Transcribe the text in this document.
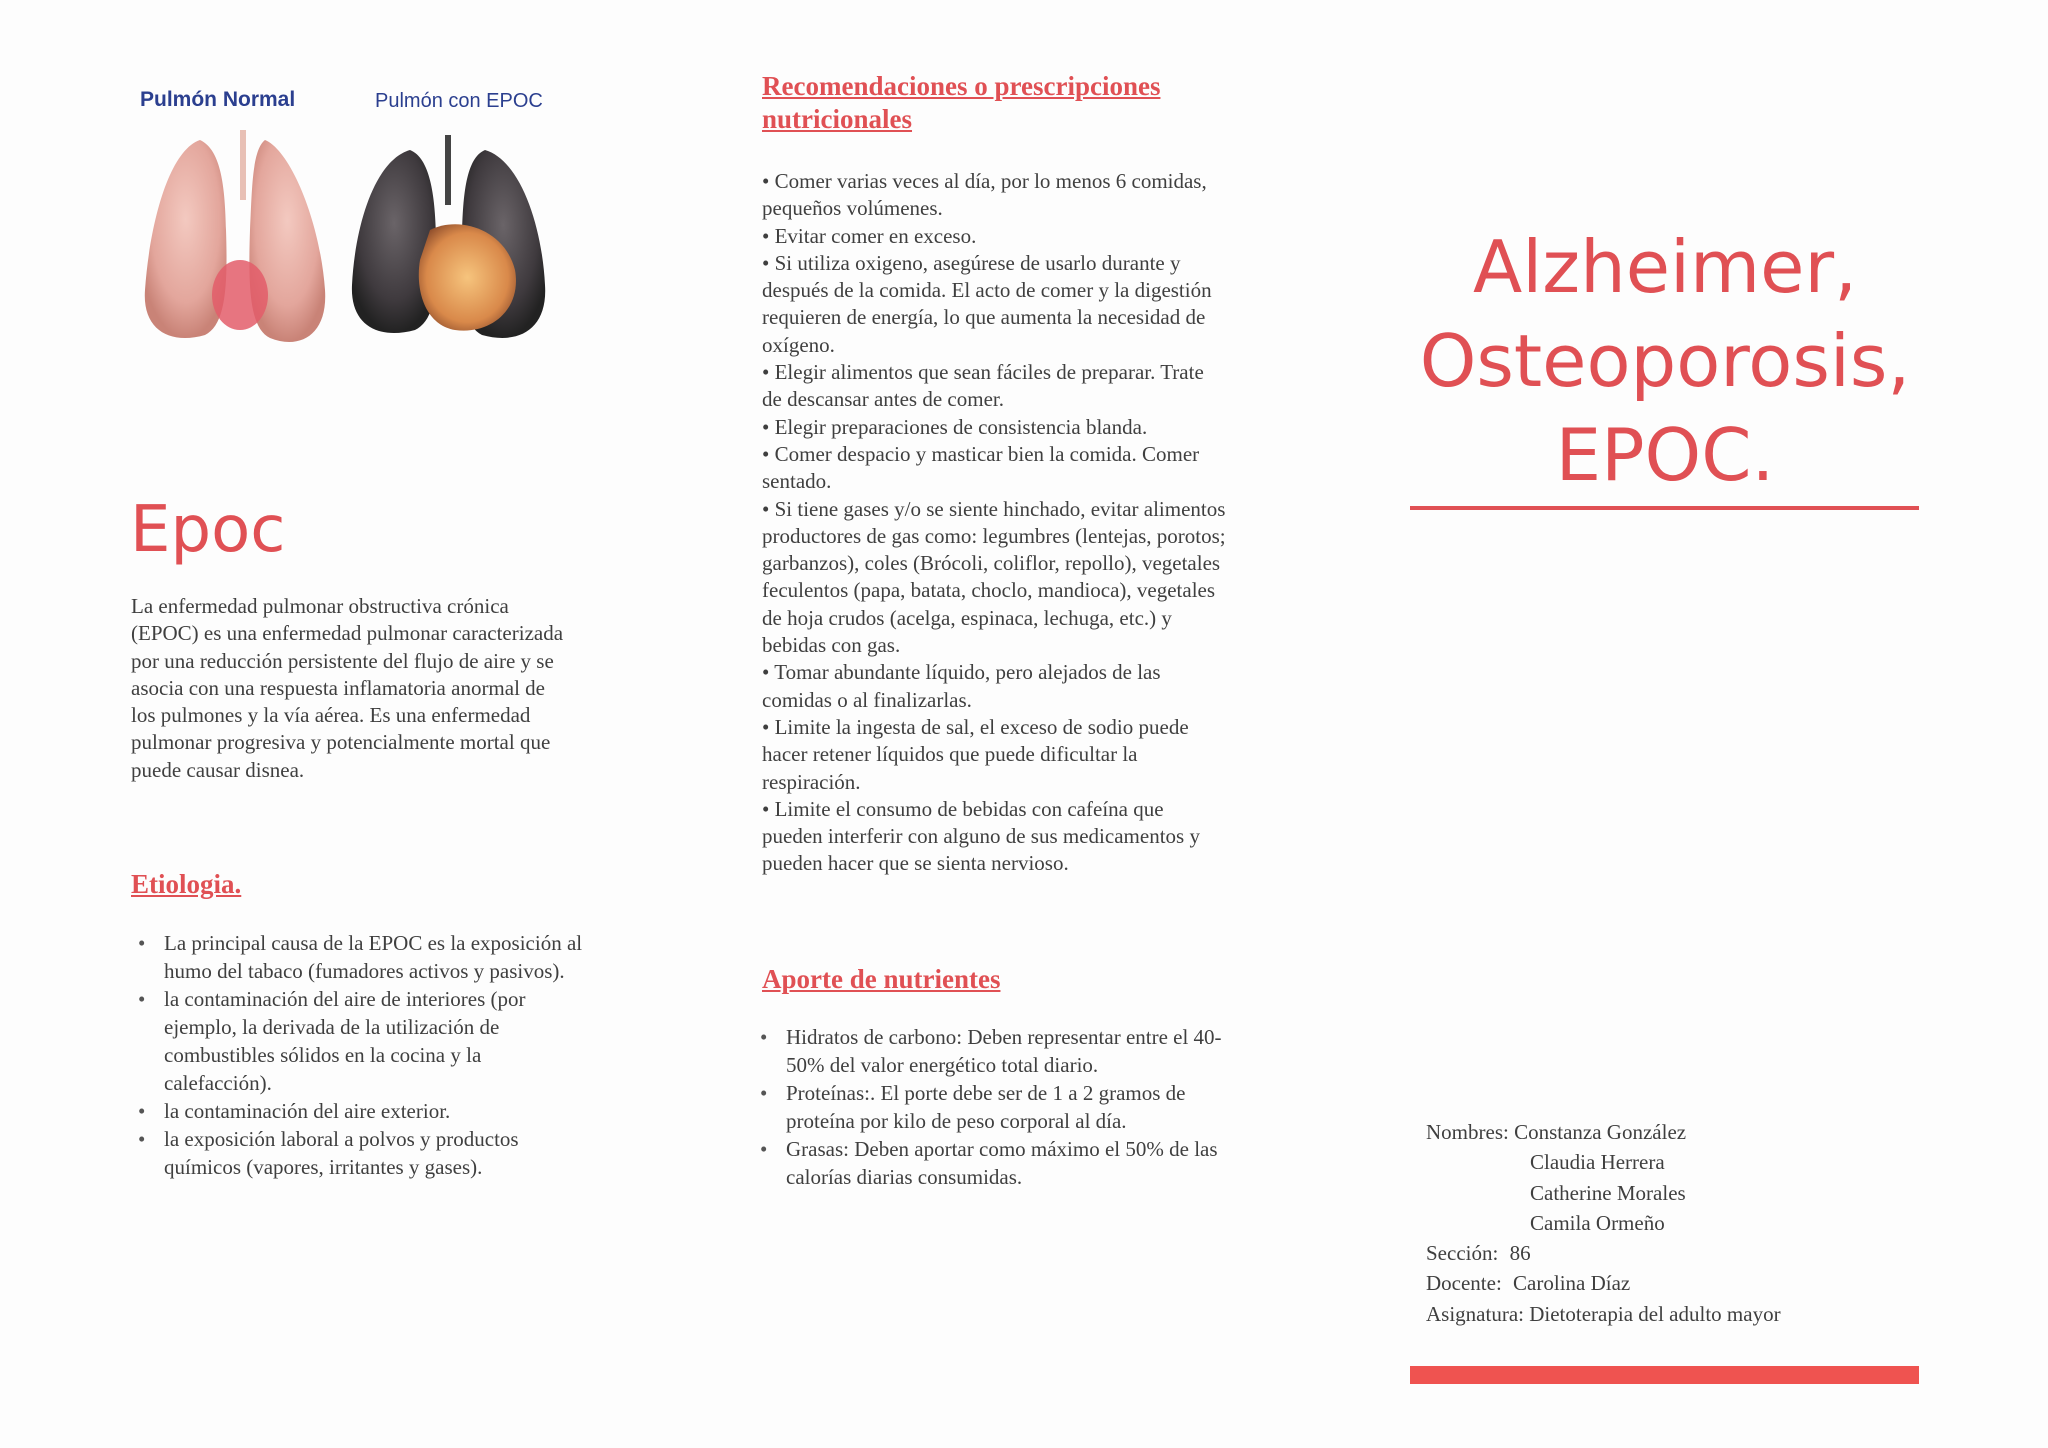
Pulmón Normal	Pulmón con EPOC
Epoc
La enfermedad pulmonar obstructiva crónica (EPOC) es una enfermedad pulmonar caracterizada por una reducción persistente del flujo de aire y se asocia con una respuesta inflamatoria anormal de los pulmones y la vía aérea. Es una enfermedad pulmonar progresiva y potencialmente mortal que puede causar disnea.
Etiologia.
• La principal causa de la EPOC es la exposición al humo del tabaco (fumadores activos y pasivos).
• la contaminación del aire de interiores (por ejemplo, la derivada de la utilización de combustibles sólidos en la cocina y la calefacción).
• la contaminación del aire exterior.
• la exposición laboral a polvos y productos químicos (vapores, irritantes y gases).
Recomendaciones o prescripciones nutricionales
• Comer varias veces al día, por lo menos 6 comidas, pequeños volúmenes.
• Evitar comer en exceso.
• Si utiliza oxigeno, asegúrese de usarlo durante y después de la comida. El acto de comer y la digestión requieren de energía, lo que aumenta la necesidad de oxígeno.
• Elegir alimentos que sean fáciles de preparar. Trate de descansar antes de comer.
• Elegir preparaciones de consistencia blanda.
• Comer despacio y masticar bien la comida. Comer sentado.
• Si tiene gases y/o se siente hinchado, evitar alimentos productores de gas como: legumbres (lentejas, porotos; garbanzos), coles (Brócoli, coliflor, repollo), vegetales feculentos (papa, batata, choclo, mandioca), vegetales de hoja crudos (acelga, espinaca, lechuga, etc.) y bebidas con gas.
• Tomar abundante líquido, pero alejados de las comidas o al finalizarlas.
• Limite la ingesta de sal, el exceso de sodio puede hacer retener líquidos que puede dificultar la respiración.
• Limite el consumo de bebidas con cafeína que pueden interferir con alguno de sus medicamentos y pueden hacer que se sienta nervioso.
Aporte de nutrientes
• Hidratos de carbono: Deben representar entre el 40-50% del valor energético total diario.
• Proteínas:. El porte debe ser de 1 a 2 gramos de proteína por kilo de peso corporal al día.
• Grasas: Deben aportar como máximo el 50% de las calorías diarias consumidas.
Alzheimer,
Osteoporosis,
EPOC.
Nombres: Constanza González
Claudia Herrera
Catherine Morales
Camila Ormeño
Sección: 86
Docente: Carolina Díaz
Asignatura: Dietoterapia del adulto mayor
